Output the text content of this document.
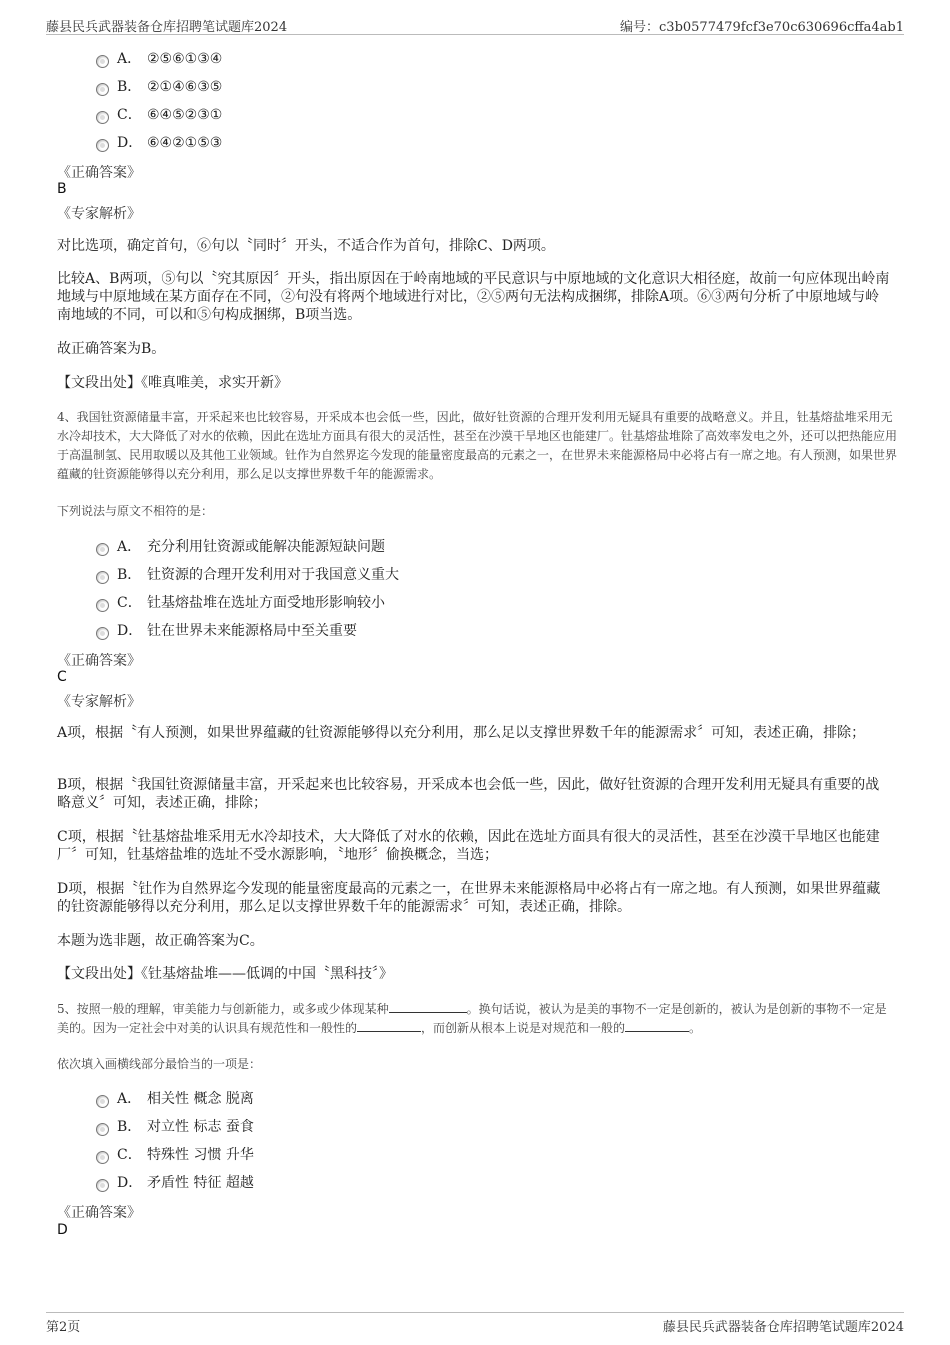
藤县民兵武器装备仓库招聘笔试题库2024	编号：c3b0577479fcf3e70c630696cffa4ab1
A． ②⑤⑥①③④
B． ②①④⑥③⑤
C． ⑥④⑤②③①
D． ⑥④②①⑤③
《正确答案》
B
《专家解析》
对比选项，确定首句，⑥句以〝同时〞开头，不适合作为首句，排除C、D两项。
比较A、B两项，⑤句以〝究其原因〞开头，指出原因在于岭南地域的平民意识与中原地域的文化意识大相径庭，故前一句应体现出岭南地域与中原地域在某方面存在不同，②句没有将两个地域进行对比，②⑤两句无法构成捆绑，排除A项。⑥③两句分析了中原地域与岭南地域的不同，可以和⑤句构成捆绑，B项当选。
故正确答案为B。
【文段出处】《唯真唯美，求实开新》
4、我国钍资源储量丰富，开采起来也比较容易，开采成本也会低一些，因此，做好钍资源的合理开发利用无疑具有重要的战略意义。并且，钍基熔盐堆采用无水冷却技术，大大降低了对水的依赖，因此在选址方面具有很大的灵活性，甚至在沙漠干旱地区也能建厂。钍基熔盐堆除了高效率发电之外，还可以把热能应用于高温制氢、民用取暖以及其他工业领域。钍作为自然界迄今发现的能量密度最高的元素之一，在世界未来能源格局中必将占有一席之地。有人预测，如果世界蕴藏的钍资源能够得以充分利用，那么足以支撑世界数千年的能源需求。
下列说法与原文不相符的是：
A． 充分利用钍资源或能解决能源短缺问题
B． 钍资源的合理开发利用对于我国意义重大
C． 钍基熔盐堆在选址方面受地形影响较小
D． 钍在世界未来能源格局中至关重要
《正确答案》
C
《专家解析》
A项，根据〝有人预测，如果世界蕴藏的钍资源能够得以充分利用，那么足以支撑世界数千年的能源需求〞可知，表述正确，排除；
B项，根据〝我国钍资源储量丰富，开采起来也比较容易，开采成本也会低一些，因此，做好钍资源的合理开发利用无疑具有重要的战略意义〞可知，表述正确，排除；
C项，根据〝钍基熔盐堆采用无水冷却技术，大大降低了对水的依赖，因此在选址方面具有很大的灵活性，甚至在沙漠干旱地区也能建厂〞可知，钍基熔盐堆的选址不受水源影响，〝地形〞偷换概念，当选；
D项，根据〝钍作为自然界迄今发现的能量密度最高的元素之一，在世界未来能源格局中必将占有一席之地。有人预测，如果世界蕴藏的钍资源能够得以充分利用，那么足以支撑世界数千年的能源需求〞可知，表述正确，排除。
本题为选非题，故正确答案为C。
【文段出处】《钍基熔盐堆——低调的中国〝黑科技〞》
5、按照一般的理解，审美能力与创新能力，或多或少体现某种	。换句话说，被认为是美的事物不一定是创新的，被认为是创新的事物不一定是美的。因为一定社会中对美的认识具有规范性和一般性的	，而创新从根本上说是对规范和一般的	。
依次填入画横线部分最恰当的一项是：
A． 相关性 概念 脱离
B． 对立性 标志 蚕食
C． 特殊性 习惯 升华
D． 矛盾性 特征 超越
《正确答案》
D
第2页	藤县民兵武器装备仓库招聘笔试题库2024
